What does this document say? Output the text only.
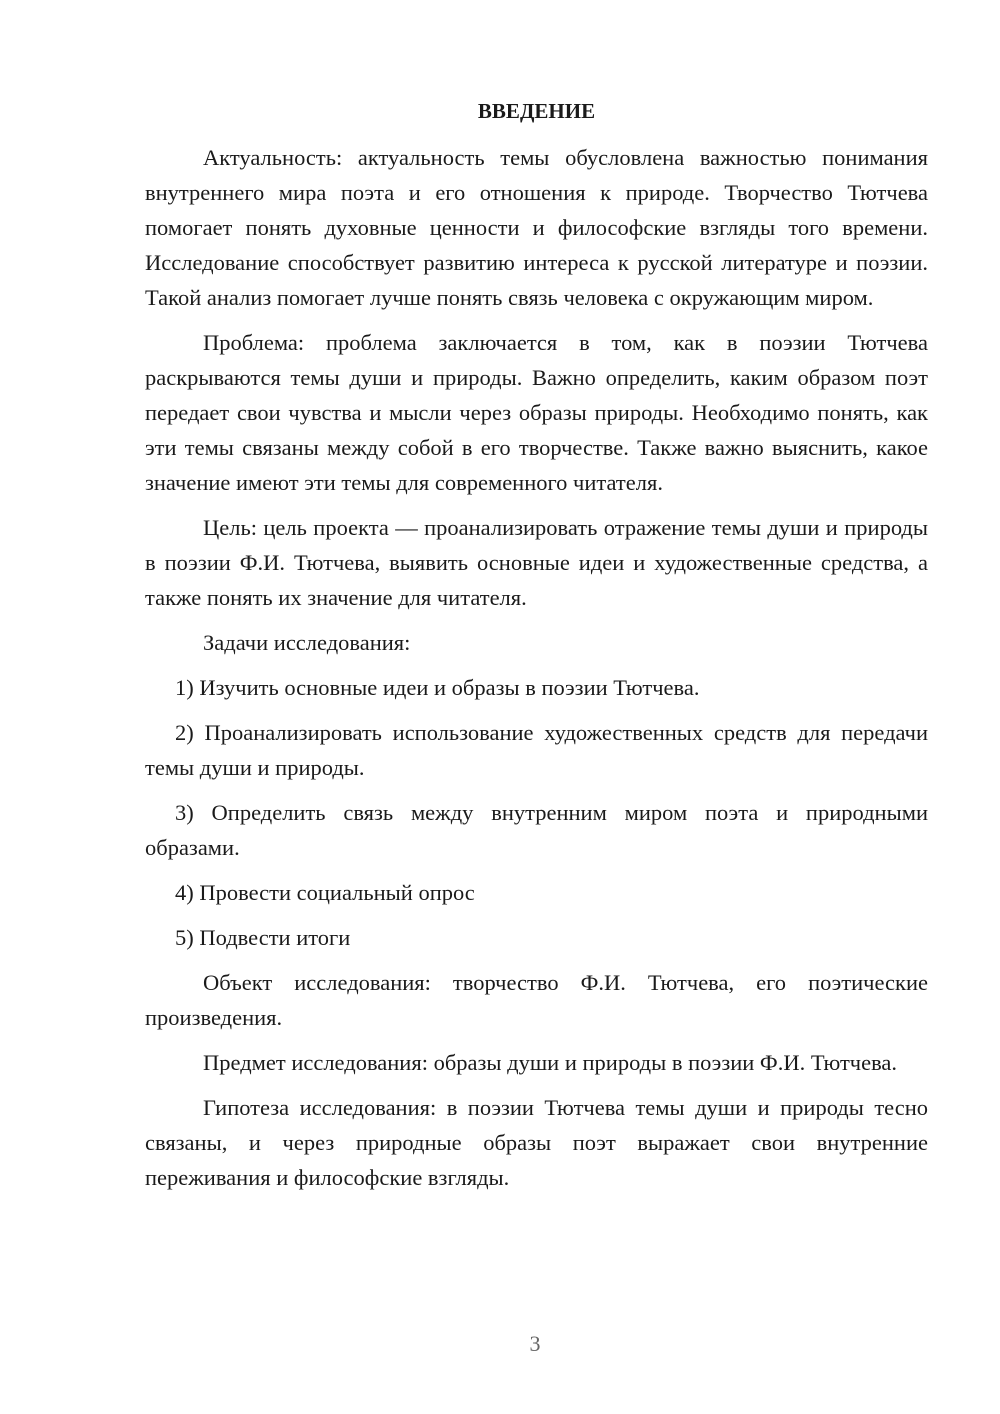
ВВЕДЕНИЕ

Актуальность: актуальность темы обусловлена важностью понимания внутреннего мира поэта и его отношения к природе. Творчество Тютчева помогает понять духовные ценности и философские взгляды того времени. Исследование способствует развитию интереса к русской литературе и поэзии. Такой анализ помогает лучше понять связь человека с окружающим миром.

Проблема: проблема заключается в том, как в поэзии Тютчева раскрываются темы души и природы. Важно определить, каким образом поэт передает свои чувства и мысли через образы природы. Необходимо понять, как эти темы связаны между собой в его творчестве. Также важно выяснить, какое значение имеют эти темы для современного читателя.

Цель: цель проекта — проанализировать отражение темы души и природы в поэзии Ф.И. Тютчева, выявить основные идеи и художественные средства, а также понять их значение для читателя.

Задачи исследования:

1) Изучить основные идеи и образы в поэзии Тютчева.

2) Проанализировать использование художественных средств для передачи темы души и природы.

3) Определить связь между внутренним миром поэта и природными образами.

4) Провести социальный опрос

5) Подвести итоги

Объект исследования: творчество Ф.И. Тютчева, его поэтические произведения.

Предмет исследования: образы души и природы в поэзии Ф.И. Тютчева.

Гипотеза исследования: в поэзии Тютчева темы души и природы тесно связаны, и через природные образы поэт выражает свои внутренние переживания и философские взгляды.

3
